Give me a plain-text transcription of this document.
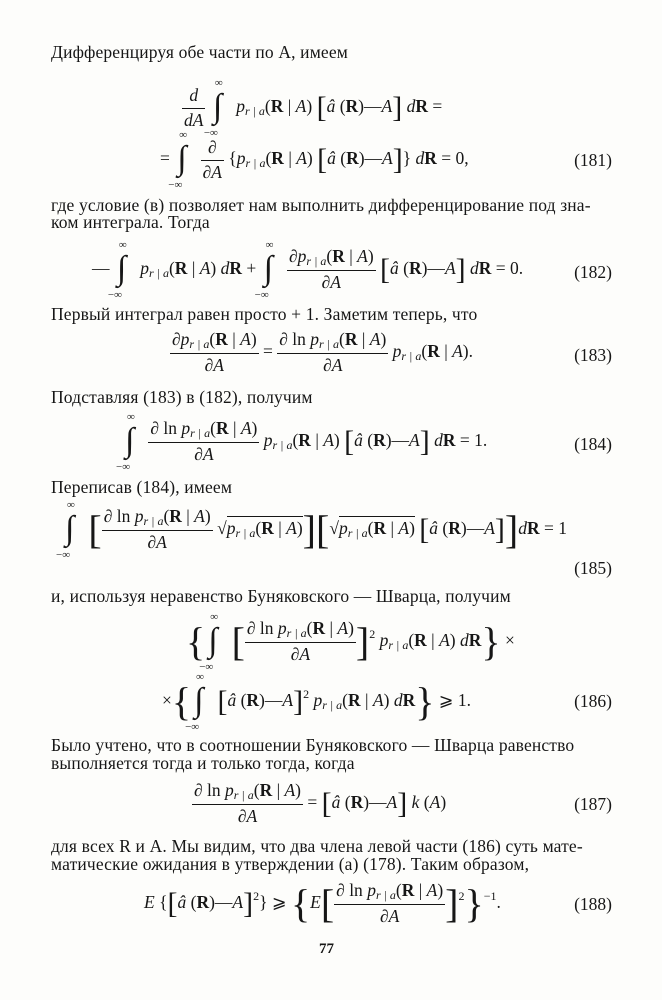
Дифференцируя обе части по A, имеем
$\frac{d}{dA}$

∞
∫
−∞
$p_{r | a}(R$ | A) [â (R)—A] dR =
=
∞
∫
−∞

$\frac{\partial}{\partial A} \{p_{r | a}(R$ | A) [â (R)—A]} dR = 0,	(181)
где условие (в) позволяет нам выполнить дифференцирование под зна-
ком интеграла. Тогда
—
∞
∫
−∞
$p_{r | a}(R$ | A) dR +
∞
∫
−∞

$\frac{\partial p_{r | a}(R | A)}{\partial A}$ [â (R)—A] dR = 0.	(182)
Первый интеграл равен просто + 1. Заметим теперь, что
$\frac{\partial p_{r | a}(R | A)}{\partial A} = \frac{\partial \ln p_{r | a}(R | A)}{\partial A} p_{r | a}(R$ | A).	(183)
Подставляя (183) в (182), получим
∞
∫
−∞

$\frac{\partial \ln p_{r | a}(R | A)}{\partial A} p_{r | a}(R$ | A) [â (R)—A] dR = 1.	(184)
Переписав (184), имеем
∞
∫
−∞
[ $\frac{\partial \ln p_{r | a}(R | A)}{\partial A} √p_{r | a}(R$ | $A)][√p_{r | a}(R$ | A) [â (R)—A]]dR = 1
(185)
и, используя неравенство Буняковского — Шварца, получим
{
∞
∫
−∞
[ $\frac{\partial \ln p_{r | a}(R | A)}{\partial A} ]^2$ $p_{r | a}(R$ | A) dR} ×
×{
∞
∫
−∞
[â (R)—A]$^2$ $p_{r | a}(R$ | A) dR} ⩾ 1.	(186)
Было учтено, что в соотношении Буняковского — Шварца равенство
выполняется тогда и только тогда, когда
$\frac{\partial \ln p_{r | a}(R | A)}{\partial A}$ = [â (R)—A] k (A)	(187)
для всех R и A. Мы видим, что два члена левой части (186) суть мате-
матические ожидания в утверждении (а) (178). Таким образом,
E {[â (R)—A]$^2$} ⩾ $\{E[ \frac{\partial \ln p_{r | a}(R | A)}{\partial A} ]^2\}^{-1}$.	(188)
77
